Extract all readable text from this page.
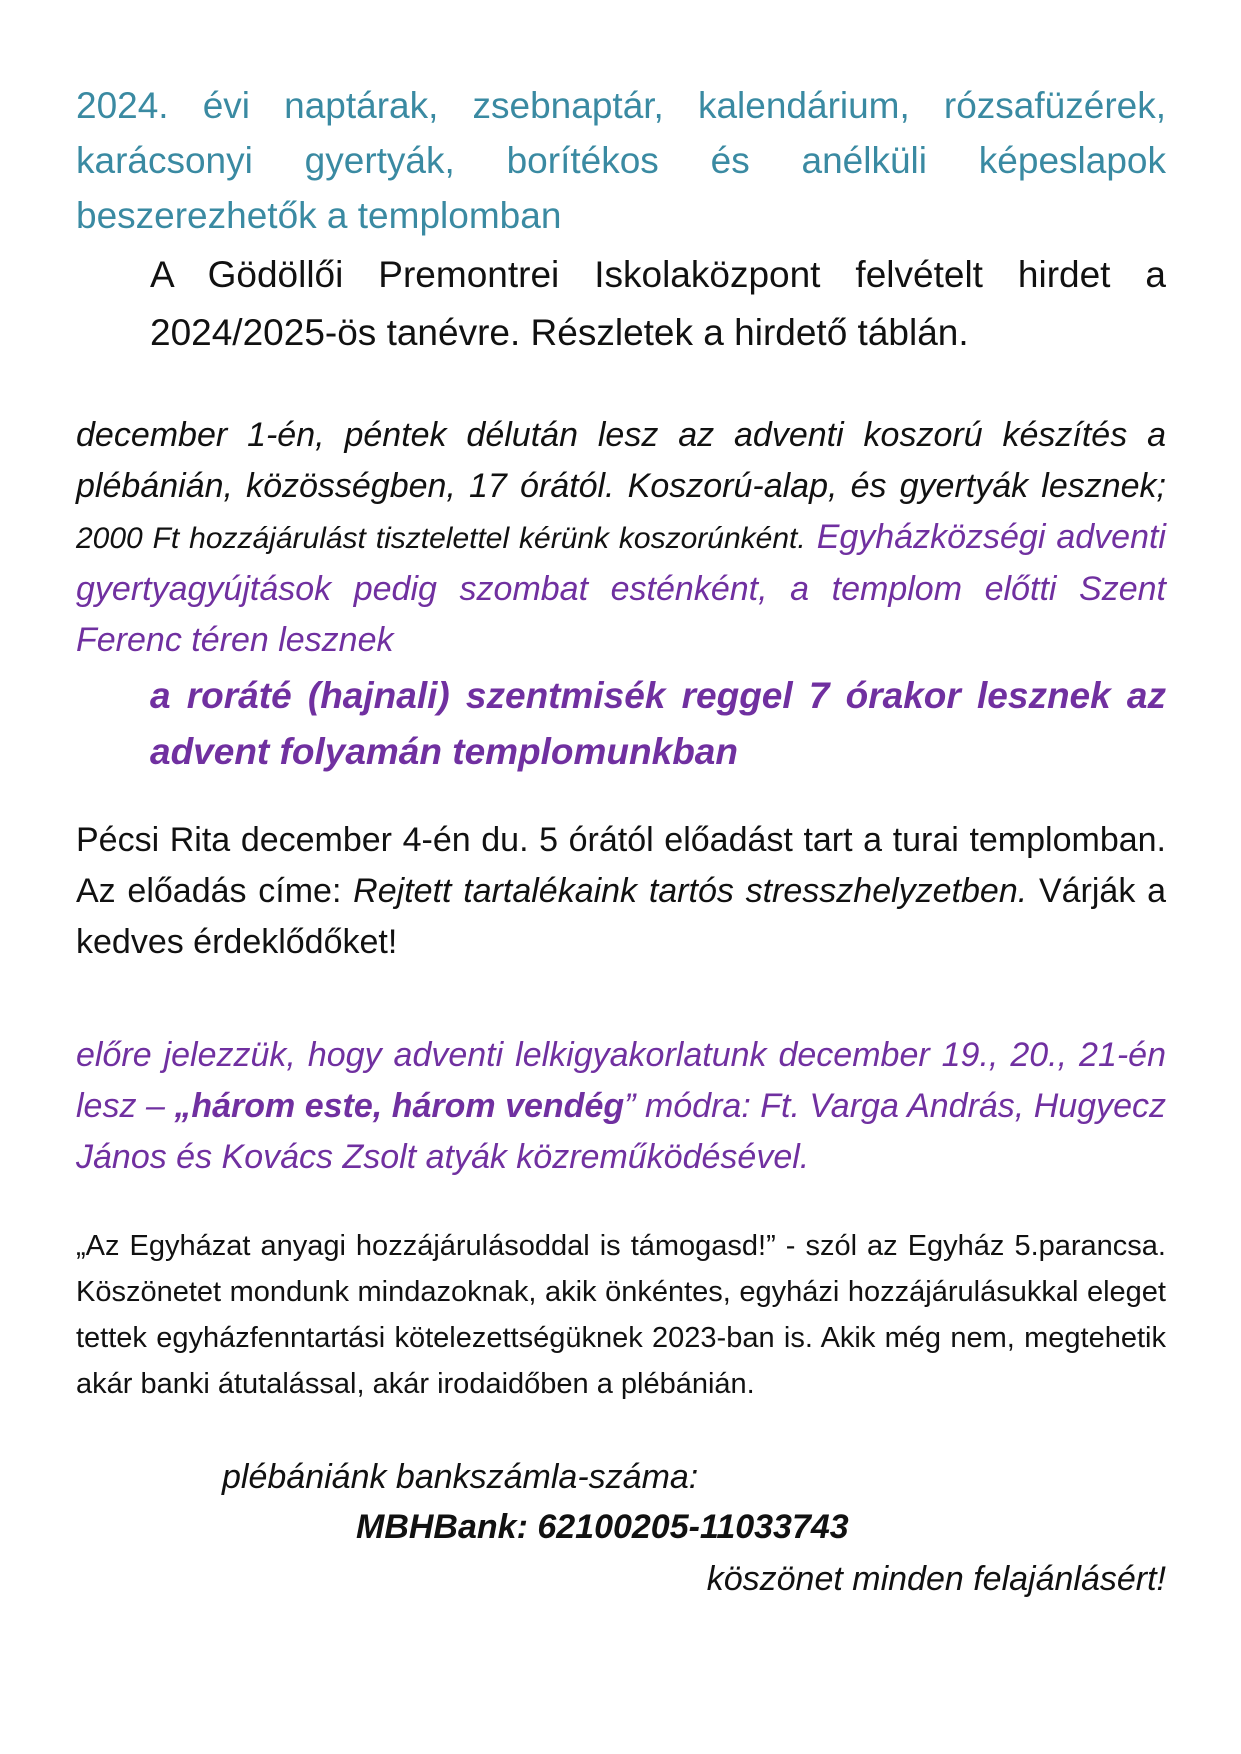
2024. évi naptárak, zsebnaptár, kalendárium, rózsafüzérek, karácsonyi gyertyák, borítékos és anélküli képeslapok beszerezhetők a templomban

A Gödöllői Premontrei Iskolaközpont felvételt hirdet a 2024/2025-ös tanévre. Részletek a hirdető táblán.

december 1-én, péntek délután lesz az adventi koszorú készítés a plébánián, közösségben, 17 órától. Koszorú-alap, és gyertyák lesznek; 2000 Ft hozzájárulást tisztelettel kérünk koszorúnként. Egyházközségi adventi gyertyagyújtások pedig szombat esténként, a templom előtti Szent Ferenc téren lesznek

a roráté (hajnali) szentmisék reggel 7 órakor lesznek az advent folyamán templomunkban

Pécsi Rita december 4-én du. 5 órától előadást tart a turai templomban. Az előadás címe: Rejtett tartalékaink tartós stresszhelyzetben. Várják a kedves érdeklődőket!

előre jelezzük, hogy adventi lelkigyakorlatunk december 19., 20., 21-én lesz – „három este, három vendég” módra: Ft. Varga András, Hugyecz János és Kovács Zsolt atyák közreműködésével.

„Az Egyházat anyagi hozzájárulásoddal is támogasd!” - szól az Egyház 5.parancsa. Köszönetet mondunk mindazoknak, akik önkéntes, egyházi hozzájárulásukkal eleget tettek egyházfenntartási kötelezettségüknek 2023-ban is. Akik még nem, megtehetik akár banki átutalással, akár irodaidőben a plébánián.

plébániánk bankszámla-száma:

MBHBank: 62100205-11033743

köszönet minden felajánlásért!
